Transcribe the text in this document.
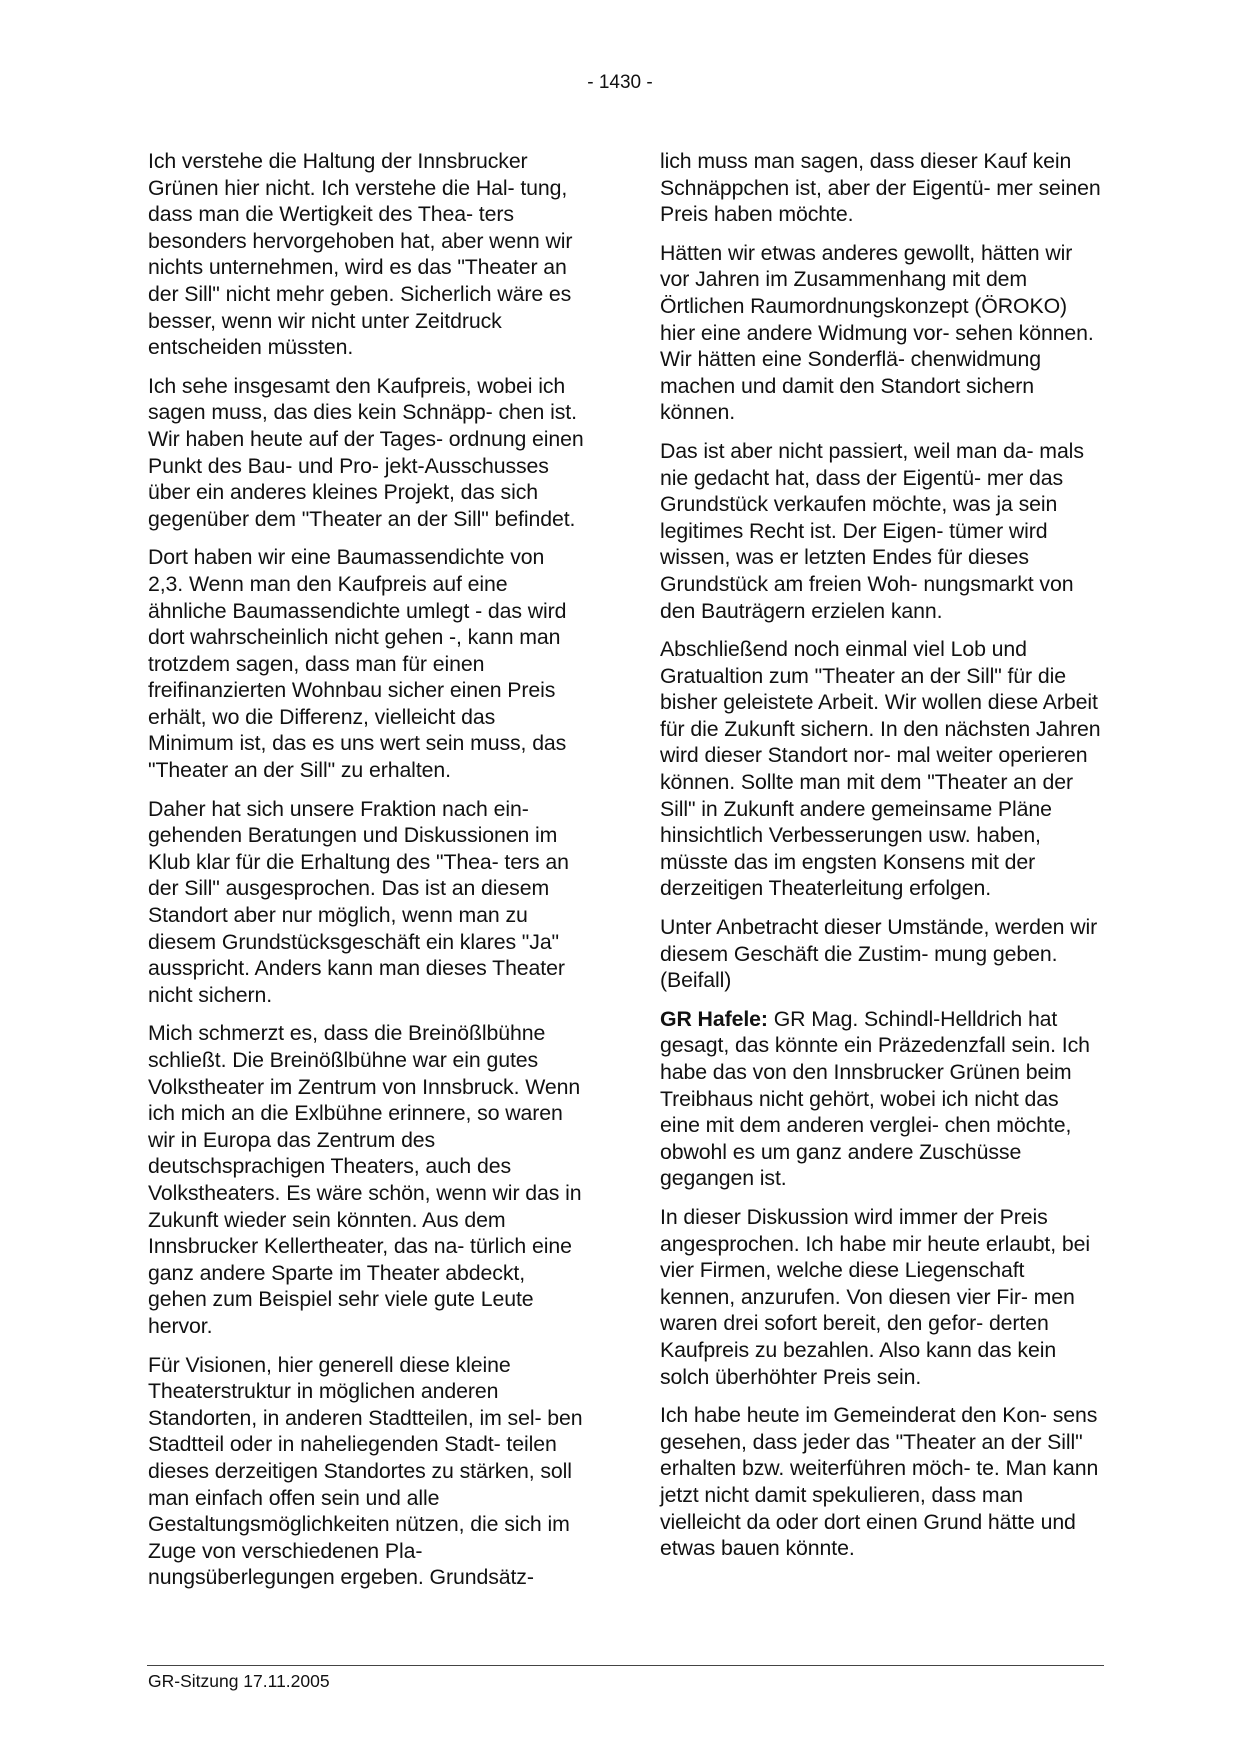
- 1430 -

Ich verstehe die Haltung der Innsbrucker Grünen hier nicht. Ich verstehe die Hal- tung, dass man die Wertigkeit des Thea- ters besonders hervorgehoben hat, aber wenn wir nichts unternehmen, wird es das "Theater an der Sill" nicht mehr geben. Sicherlich wäre es besser, wenn wir nicht unter Zeitdruck entscheiden müssten.

Ich sehe insgesamt den Kaufpreis, wobei ich sagen muss, das dies kein Schnäpp- chen ist. Wir haben heute auf der Tages- ordnung einen Punkt des Bau- und Pro- jekt-Ausschusses über ein anderes kleines Projekt, das sich gegenüber dem "Theater an der Sill" befindet.

Dort haben wir eine Baumassendichte von 2,3. Wenn man den Kaufpreis auf eine ähnliche Baumassendichte umlegt - das wird dort wahrscheinlich nicht gehen -, kann man trotzdem sagen, dass man für einen freifinanzierten Wohnbau sicher einen Preis erhält, wo die Differenz, vielleicht das Minimum ist, das es uns wert sein muss, das "Theater an der Sill" zu erhalten.

Daher hat sich unsere Fraktion nach ein- gehenden Beratungen und Diskussionen im Klub klar für die Erhaltung des "Thea- ters an der Sill" ausgesprochen. Das ist an diesem Standort aber nur möglich, wenn man zu diesem Grundstücksgeschäft ein klares "Ja" ausspricht. Anders kann man dieses Theater nicht sichern.

Mich schmerzt es, dass die Breinößlbühne schließt. Die Breinößlbühne war ein gutes Volkstheater im Zentrum von Innsbruck. Wenn ich mich an die Exlbühne erinnere, so waren wir in Europa das Zentrum des deutschsprachigen Theaters, auch des Volkstheaters. Es wäre schön, wenn wir das in Zukunft wieder sein könnten. Aus dem Innsbrucker Kellertheater, das na- türlich eine ganz andere Sparte im Theater abdeckt, gehen zum Beispiel sehr viele gute Leute hervor.

Für Visionen, hier generell diese kleine Theaterstruktur in möglichen anderen Standorten, in anderen Stadtteilen, im sel- ben Stadtteil oder in naheliegenden Stadt- teilen dieses derzeitigen Standortes zu stärken, soll man einfach offen sein und alle Gestaltungsmöglichkeiten nützen, die sich im Zuge von verschiedenen Pla- nungsüberlegungen ergeben. Grundsätz-

lich muss man sagen, dass dieser Kauf kein Schnäppchen ist, aber der Eigentü- mer seinen Preis haben möchte.

Hätten wir etwas anderes gewollt, hätten wir vor Jahren im Zusammenhang mit dem Örtlichen Raumordnungskonzept (ÖROKO) hier eine andere Widmung vor- sehen können. Wir hätten eine Sonderflä- chenwidmung machen und damit den Standort sichern können.

Das ist aber nicht passiert, weil man da- mals nie gedacht hat, dass der Eigentü- mer das Grundstück verkaufen möchte, was ja sein legitimes Recht ist. Der Eigen- tümer wird wissen, was er letzten Endes für dieses Grundstück am freien Woh- nungsmarkt von den Bauträgern erzielen kann.

Abschließend noch einmal viel Lob und Gratualtion zum "Theater an der Sill" für die bisher geleistete Arbeit. Wir wollen diese Arbeit für die Zukunft sichern. In den nächsten Jahren wird dieser Standort nor- mal weiter operieren können. Sollte man mit dem "Theater an der Sill" in Zukunft andere gemeinsame Pläne hinsichtlich Verbesserungen usw. haben, müsste das im engsten Konsens mit der derzeitigen Theaterleitung erfolgen.

Unter Anbetracht dieser Umstände, werden wir diesem Geschäft die Zustim- mung geben. (Beifall)

GR Hafele: GR Mag. Schindl-Helldrich hat gesagt, das könnte ein Präzedenzfall sein. Ich habe das von den Innsbrucker Grünen beim Treibhaus nicht gehört, wobei ich nicht das eine mit dem anderen verglei- chen möchte, obwohl es um ganz andere Zuschüsse gegangen ist.

In dieser Diskussion wird immer der Preis angesprochen. Ich habe mir heute erlaubt, bei vier Firmen, welche diese Liegenschaft kennen, anzurufen. Von diesen vier Fir- men waren drei sofort bereit, den gefor- derten Kaufpreis zu bezahlen. Also kann das kein solch überhöhter Preis sein.

Ich habe heute im Gemeinderat den Kon- sens gesehen, dass jeder das "Theater an der Sill" erhalten bzw. weiterführen möch- te. Man kann jetzt nicht damit spekulieren, dass man vielleicht da oder dort einen Grund hätte und etwas bauen könnte.

GR-Sitzung 17.11.2005
